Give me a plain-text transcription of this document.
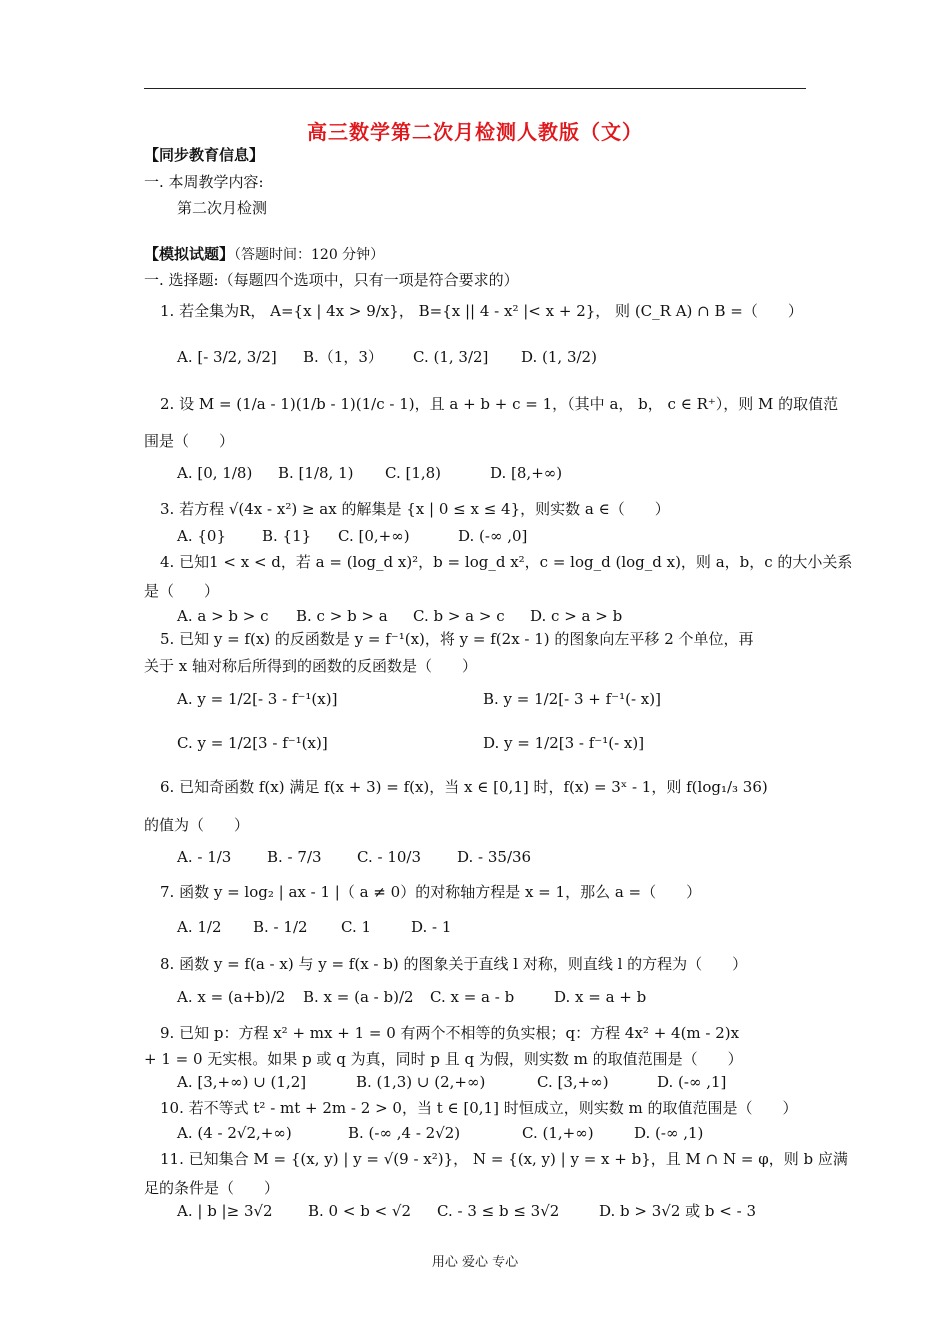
高三数学第二次月检测人教版（文）
【同步教育信息】
一. 本周教学内容:
第二次月检测
【模拟试题】（答题时间：120 分钟）
一. 选择题:（每题四个选项中，只有一项是符合要求的）
1. 若全集为R， A={x | 4x > 9/x}， B={x || 4 - x² |< x + 2}， 则 (C_R A) ∩ B =（　　）
A. [- 3/2, 3/2] B.（1，3） C. (1, 3/2] D. (1, 3/2)
2. 设 M = (1/a - 1)(1/b - 1)(1/c - 1)，且 a + b + c = 1，（其中 a， b， c ∈ R⁺），则 M 的取值范
围是（　　）
A. [0, 1/8) B. [1/8, 1) C. [1,8)	D. [8,+∞)
3. 若方程 √(4x - x²) ≥ ax 的解集是 {x | 0 ≤ x ≤ 4}，则实数 a ∈（　　）
A. {0} B. {1} C. [0,+∞)	D. (-∞ ,0]
4. 已知1 < x < d，若 a = (log_d x)²，b = log_d x²，c = log_d (log_d x)，则 a，b，c 的大小关系
是（　　）
A. a > b > c B. c > b > a C. b > a > c D. c > a > b
5. 已知 y = f(x) 的反函数是 y = f⁻¹(x)，将 y = f(2x - 1) 的图象向左平移 2 个单位，再
关于 x 轴对称后所得到的函数的反函数是（　　）
A. y = 1/2[- 3 - f⁻¹(x)]	B. y = 1/2[- 3 + f⁻¹(- x)]
C. y = 1/2[3 - f⁻¹(x)]	D. y = 1/2[3 - f⁻¹(- x)]
6. 已知奇函数 f(x) 满足 f(x + 3) = f(x)，当 x ∈ [0,1] 时，f(x) = 3ˣ - 1，则 f(log₁/₃ 36)
的值为（　　）
A. - 1/3 B. - 7/3 C. - 10/3 D. - 35/36
7. 函数 y = log₂ | ax - 1 |（ a ≠ 0）的对称轴方程是 x = 1，那么 a =（　　）
A. 1/2 B. - 1/2 C. 1	D. - 1
8. 函数 y = f(a - x) 与 y = f(x - b) 的图象关于直线 l 对称，则直线 l 的方程为（　　）
A. x = (a+b)/2 B. x = (a - b)/2 C. x = a - b	D. x = a + b
9. 已知 p：方程 x² + mx + 1 = 0 有两个不相等的负实根；q：方程 4x² + 4(m - 2)x
+ 1 = 0 无实根。如果 p 或 q 为真，同时 p 且 q 为假，则实数 m 的取值范围是（　　）
A. [3,+∞) ∪ (1,2]	B. (1,3) ∪ (2,+∞)	C. [3,+∞)	D. (-∞ ,1]
10. 若不等式 t² - mt + 2m - 2 > 0，当 t ∈ [0,1] 时恒成立，则实数 m 的取值范围是（　　）
A. (4 - 2√2,+∞)	B. (-∞ ,4 - 2√2)	C. (1,+∞)	D. (-∞ ,1)
11. 已知集合 M = {(x, y) | y = √(9 - x²)}， N = {(x, y) | y = x + b}，且 M ∩ N = φ，则 b 应满
足的条件是（　　）
A. | b |≥ 3√2 B. 0 < b < √2 C. - 3 ≤ b ≤ 3√2	D. b > 3√2 或 b < - 3
用心 爱心 专心
